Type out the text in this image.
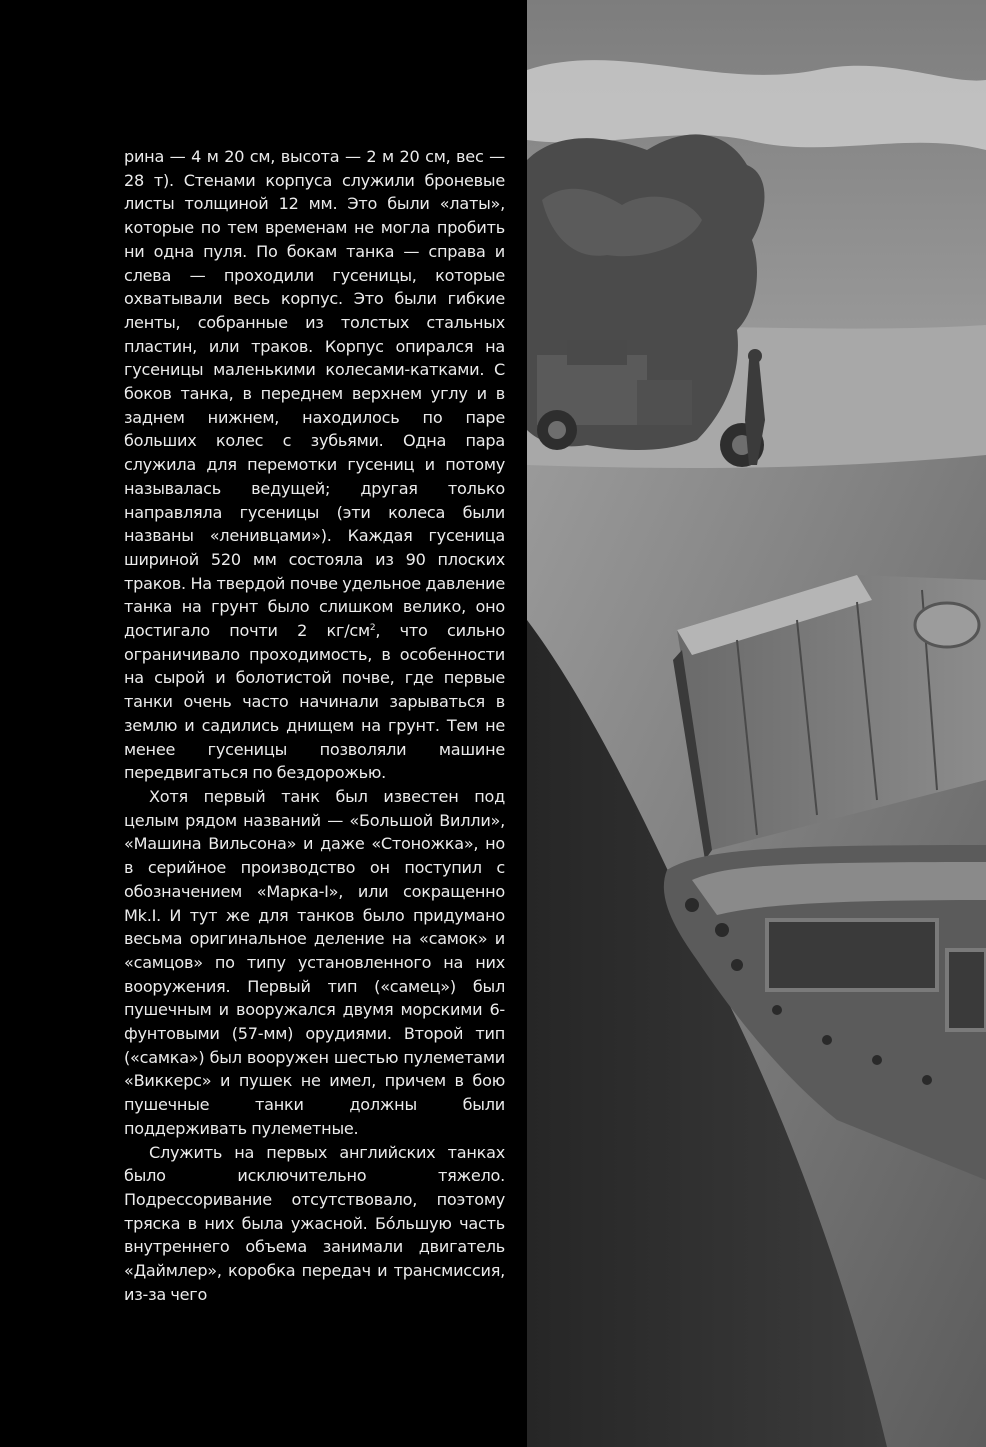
рина — 4 м 20 см, высота — 2 м 20 см, вес — 28 т). Стенами корпуса служили броневые листы толщиной 12 мм. Это были «латы», которые по тем временам не могла пробить ни одна пуля. По бокам танка — справа и слева — проходили гусеницы, которые охватывали весь корпус. Это были гибкие ленты, собранные из толстых стальных пластин, или траков. Корпус опирался на гусеницы маленькими колесами-катками. С боков танка, в переднем верхнем углу и в заднем нижнем, находилось по паре больших колес с зубьями. Одна пара служила для перемотки гусениц и потому называлась ведущей; другая только направляла гусеницы (эти колеса были названы «ленивцами»). Каждая гусеница шириной 520 мм состояла из 90 плоских траков. На твердой почве удельное давление танка на грунт было слишком велико, оно достигало почти 2 $кг/см^2$, что сильно ограничивало проходимость, в особенности на сырой и болотистой почве, где первые танки очень часто начинали зарываться в землю и садились днищем на грунт. Тем не менее гусеницы позволяли машине передвигаться по бездорожью.

Хотя первый танк был известен под целым рядом названий — «Большой Вилли», «Машина Вильсона» и даже «Стоножка», но в серийное производство он поступил с обозначением «Марка-I», или сокращенно Mk.I. И тут же для танков было придумано весьма оригинальное деление на «самок» и «самцов» по типу установленного на них вооружения. Первый тип («самец») был пушечным и вооружался двумя морскими 6-фунтовыми (57-мм) орудиями. Второй тип («самка») был вооружен шестью пулеметами «Виккерс» и пушек не имел, причем в бою пушечные танки должны были поддерживать пулеметные.

Служить на первых английских танках было исключительно тяжело. Подрессоривание отсутствовало, поэтому тряска в них была ужасной. Бо́льшую часть внутреннего объема занимали двигатель «Даймлер», коробка передач и трансмиссия, из-за чего
